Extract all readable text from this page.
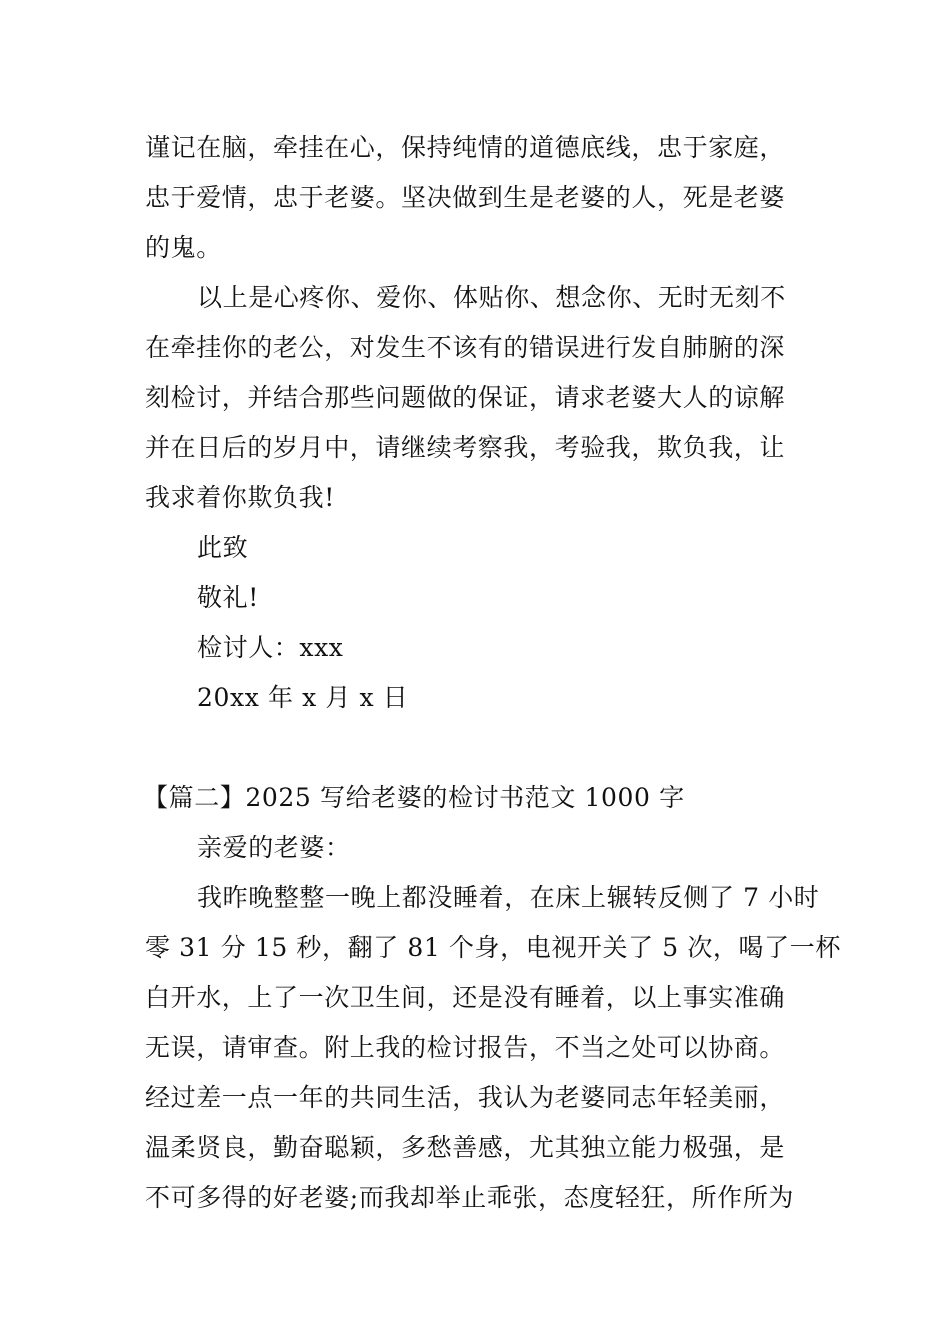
谨记在脑，牵挂在心，保持纯情的道德底线，忠于家庭，
忠于爱情，忠于老婆。坚决做到生是老婆的人，死是老婆
的鬼。
以上是心疼你、爱你、体贴你、想念你、无时无刻不
在牵挂你的老公，对发生不该有的错误进行发自肺腑的深
刻检讨，并结合那些问题做的保证，请求老婆大人的谅解
并在日后的岁月中，请继续考察我，考验我，欺负我，让
我求着你欺负我!
此致
敬礼!
检讨人：xxx
20xx 年 x 月 x 日
【篇二】2025 写给老婆的检讨书范文 1000 字
亲爱的老婆：
我昨晚整整一晚上都没睡着，在床上辗转反侧了 7 小时
零 31 分 15 秒，翻了 81 个身，电视开关了 5 次，喝了一杯
白开水，上了一次卫生间，还是没有睡着，以上事实准确
无误，请审查。附上我的检讨报告，不当之处可以协商。
经过差一点一年的共同生活，我认为老婆同志年轻美丽，
温柔贤良，勤奋聪颖，多愁善感，尤其独立能力极强，是
不可多得的好老婆;而我却举止乖张，态度轻狂，所作所为
